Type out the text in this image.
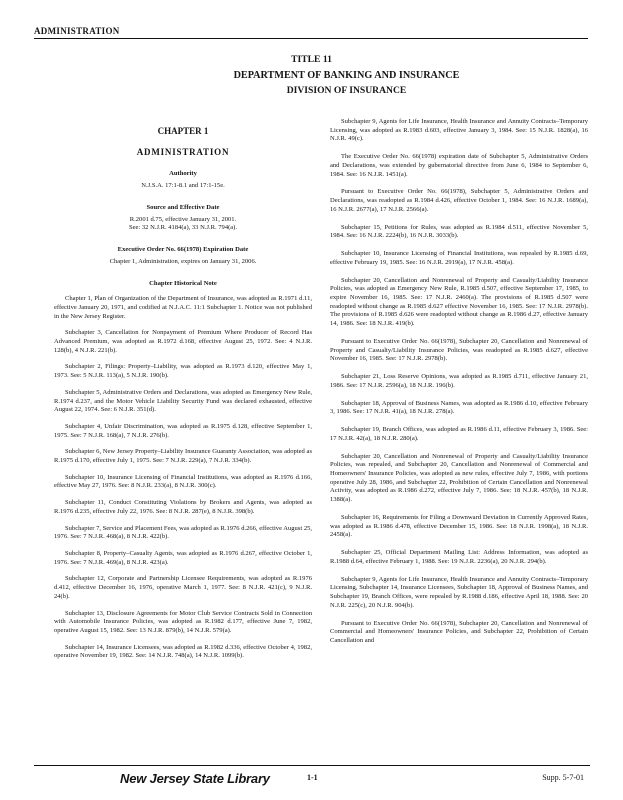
ADMINISTRATION
TITLE 11
DEPARTMENT OF BANKING AND INSURANCE
DIVISION OF INSURANCE
CHAPTER 1
ADMINISTRATION
Authority
N.J.S.A. 17:1-8.1 and 17:1-15e.
Source and Effective Date
R.2001 d.75, effective January 31, 2001.
See: 32 N.J.R. 4184(a), 33 N.J.R. 794(a).
Executive Order No. 66(1978) Expiration Date
Chapter 1, Administration, expires on January 31, 2006.
Chapter Historical Note

Chapter 1, Plan of Organization of the Department of Insurance, was adopted as R.1971 d.11, effective January 20, 1971, and codified at N.J.A.C. 11:1 Subchapter 1. Notice was not published in the New Jersey Register.

Subchapter 3, Cancellation for Nonpayment of Premium Where Producer of Record Has Advanced Premium, was adopted as R.1972 d.168, effective August 25, 1972. See: 4 N.J.R. 128(b), 4 N.J.R. 221(b).

Subchapter 2, Filings: Property–Liability, was adopted as R.1973 d.120, effective May 1, 1973. See: 5 N.J.R. 113(a), 5 N.J.R. 190(b).

Subchapter 5, Administrative Orders and Declarations, was adopted as Emergency New Rule, R.1974 d.237, and the Motor Vehicle Liability Security Fund was declared exhausted, effective August 22, 1974. See: 6 N.J.R. 351(d).

Subchapter 4, Unfair Discrimination, was adopted as R.1975 d.128, effective September 1, 1975. See: 7 N.J.R. 168(a), 7 N.J.R. 276(b).

Subchapter 6, New Jersey Property–Liability Insurance Guaranty Association, was adopted as R.1975 d.170, effective July 1, 1975. See: 7 N.J.R. 229(a), 7 N.J.R. 334(b).

Subchapter 10, Insurance Licensing of Financial Institutions, was adopted as R.1976 d.166, effective May 27, 1976. See: 8 N.J.R. 233(a), 8 N.J.R. 300(c).

Subchapter 11, Conduct Constituting Violations by Brokers and Agents, was adopted as R.1976 d.235, effective July 22, 1976. See: 8 N.J.R. 287(e), 8 N.J.R. 398(b).

Subchapter 7, Service and Placement Fees, was adopted as R.1976 d.266, effective August 25, 1976. See: 7 N.J.R. 468(a), 8 N.J.R. 422(b).

Subchapter 8, Property–Casualty Agents, was adopted as R.1976 d.267, effective October 1, 1976. See: 7 N.J.R. 469(a), 8 N.J.R. 423(a).

Subchapter 12, Corporate and Partnership Licensee Requirements, was adopted as R.1976 d.412, effective December 16, 1976, operative March 1, 1977. See: 8 N.J.R. 421(c), 9 N.J.R. 24(b).

Subchapter 13, Disclosure Agreements for Motor Club Service Contracts Sold in Connection with Automobile Insurance Policies, was adopted as R.1982 d.177, effective June 7, 1982, operative August 15, 1982. See: 13 N.J.R. 879(b), 14 N.J.R. 579(a).

Subchapter 14, Insurance Licensees, was adopted as R.1982 d.336, effective October 4, 1982, operative November 19, 1982. See: 14 N.J.R. 748(a), 14 N.J.R. 1099(b).

Subchapter 9, Agents for Life Insurance, Health Insurance and Annuity Contracts–Temporary Licensing, was adopted as R.1983 d.603, effective January 3, 1984. See: 15 N.J.R. 1828(a), 16 N.J.R. 49(c).

The Executive Order No. 66(1978) expiration date of Subchapter 5, Administrative Orders and Declarations, was extended by gubernatorial directive from June 6, 1984 to September 6, 1984. See: 16 N.J.R. 1451(a).

Pursuant to Executive Order No. 66(1978), Subchapter 5, Administrative Orders and Declarations, was readopted as R.1984 d.426, effective October 1, 1984. See: 16 N.J.R. 1689(a), 16 N.J.R. 2677(a), 17 N.J.R. 2566(a).

Subchapter 15, Petitions for Rules, was adopted as R.1984 d.511, effective November 5, 1984. See: 16 N.J.R. 2224(b), 16 N.J.R. 3033(b).

Subchapter 10, Insurance Licensing of Financial Institutions, was repealed by R.1985 d.69, effective February 19, 1985. See: 16 N.J.R. 2919(a), 17 N.J.R. 458(a).

Subchapter 20, Cancellation and Nonrenewal of Property and Casualty/Liability Insurance Policies, was adopted as Emergency New Rule, R.1985 d.507, effective September 17, 1985, to expire November 16, 1985. See: 17 N.J.R. 2460(a). The provisions of R.1985 d.507 were readopted without change as R.1985 d.627 effective November 16, 1985. See: 17 N.J.R. 2978(b). The provisions of R.1985 d.626 were readopted without change as R.1986 d.27, effective January 14, 1986. See: 18 N.J.R. 419(b).

Pursuant to Executive Order No. 66(1978), Subchapter 20, Cancellation and Nonrenewal of Property and Casualty/Liability Insurance Policies, was readopted as R.1985 d.627, effective November 16, 1985. See: 17 N.J.R. 2978(b).

Subchapter 21, Loss Reserve Opinions, was adopted as R.1985 d.711, effective January 21, 1986. See: 17 N.J.R. 2596(a), 18 N.J.R. 196(b).

Subchapter 18, Approval of Business Names, was adopted as R.1986 d.10, effective February 3, 1986. See: 17 N.J.R. 41(a), 18 N.J.R. 278(a).

Subchapter 19, Branch Offices, was adopted as R.1986 d.11, effective February 3, 1986. See: 17 N.J.R. 42(a), 18 N.J.R. 280(a).

Subchapter 20, Cancellation and Nonrenewal of Property and Casualty/Liability Insurance Policies, was repealed, and Subchapter 20, Cancellation and Nonrenewal of Commercial and Homeowners' Insurance Policies, was adopted as new rules, effective July 7, 1986, with portions operative July 28, 1986, and Subchapter 22, Prohibition of Certain Cancellation and Nonrenewal Activity, was adopted as R.1986 d.272, effective July 7, 1986. See: 18 N.J.R. 457(b), 18 N.J.R. 1388(a).

Subchapter 16, Requirements for Filing a Downward Deviation in Currently Approved Rates, was adopted as R.1986 d.478, effective December 15, 1986. See: 18 N.J.R. 1998(a), 18 N.J.R. 2458(a).

Subchapter 25, Official Department Mailing List: Address Information, was adopted as R.1988 d.64, effective February 1, 1988. See: 19 N.J.R. 2236(a), 20 N.J.R. 294(b).

Subchapter 9, Agents for Life Insurance, Health Insurance and Annuity Contracts–Temporary Licensing, Subchapter 14, Insurance Licensees, Subchapter 18, Approval of Business Names, and Subchapter 19, Branch Offices, were repealed by R.1988 d.186, effective April 18, 1988. See: 20 N.J.R. 225(c), 20 N.J.R. 904(b).

Pursuant to Executive Order No. 66(1978), Subchapter 20, Cancellation and Nonrenewal of Commercial and Homeowners' Insurance Policies, and Subchapter 22, Prohibition of Certain Cancellation and

New Jersey State Library	1-1	Supp. 5-7-01
